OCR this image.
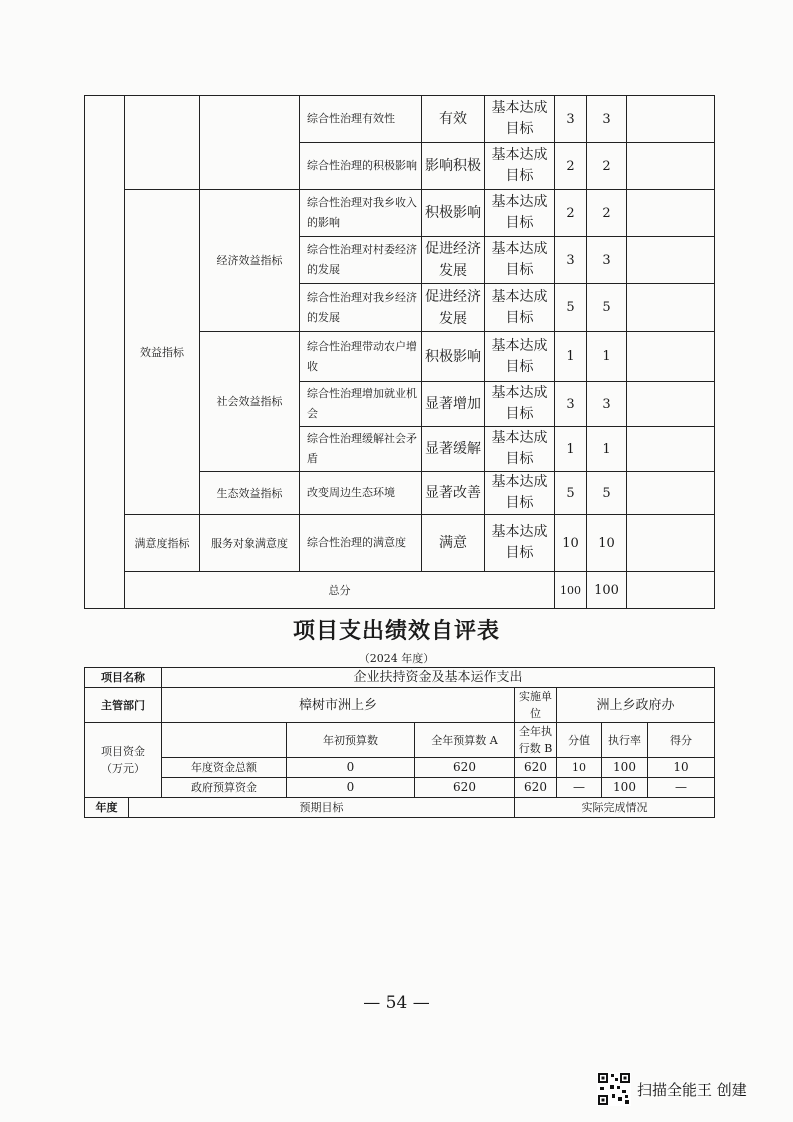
			综合性治理有效性	有效	基本达成目标	3	3	
			综合性治理的积极影响	影响积极	基本达成目标	2	2	
	效益指标	经济效益指标	综合性治理对我乡收入的影响	积极影响	基本达成目标	2	2	
			综合性治理对村委经济的发展	促进经济发展	基本达成目标	3	3	
			综合性治理对我乡经济的发展	促进经济发展	基本达成目标	5	5	
		社会效益指标	综合性治理带动农户增收	积极影响	基本达成目标	1	1	
			综合性治理增加就业机会	显著增加	基本达成目标	3	3	
			综合性治理缓解社会矛盾	显著缓解	基本达成目标	1	1	
		生态效益指标	改变周边生态环境	显著改善	基本达成目标	5	5	
	满意度指标	服务对象满意度	综合性治理的满意度	满意	基本达成目标	10	10	
	总分					100	100	
项目支出绩效自评表
（2024 年度）
项目名称		企业扶持资金及基本运作支出						
主管部门		樟树市洲上乡			实施单位	洲上乡政府办		

项目资金
（万元）			年初预算数	全年预算数 A	全年执行数 B	分值	执行率	得分
		年度资金总额	0	620	620	10	100	10
		政府预算资金	0	620	620	—	100	—
年度	预期目标				实际完成情况			
— 54 —
扫描全能王 创建
